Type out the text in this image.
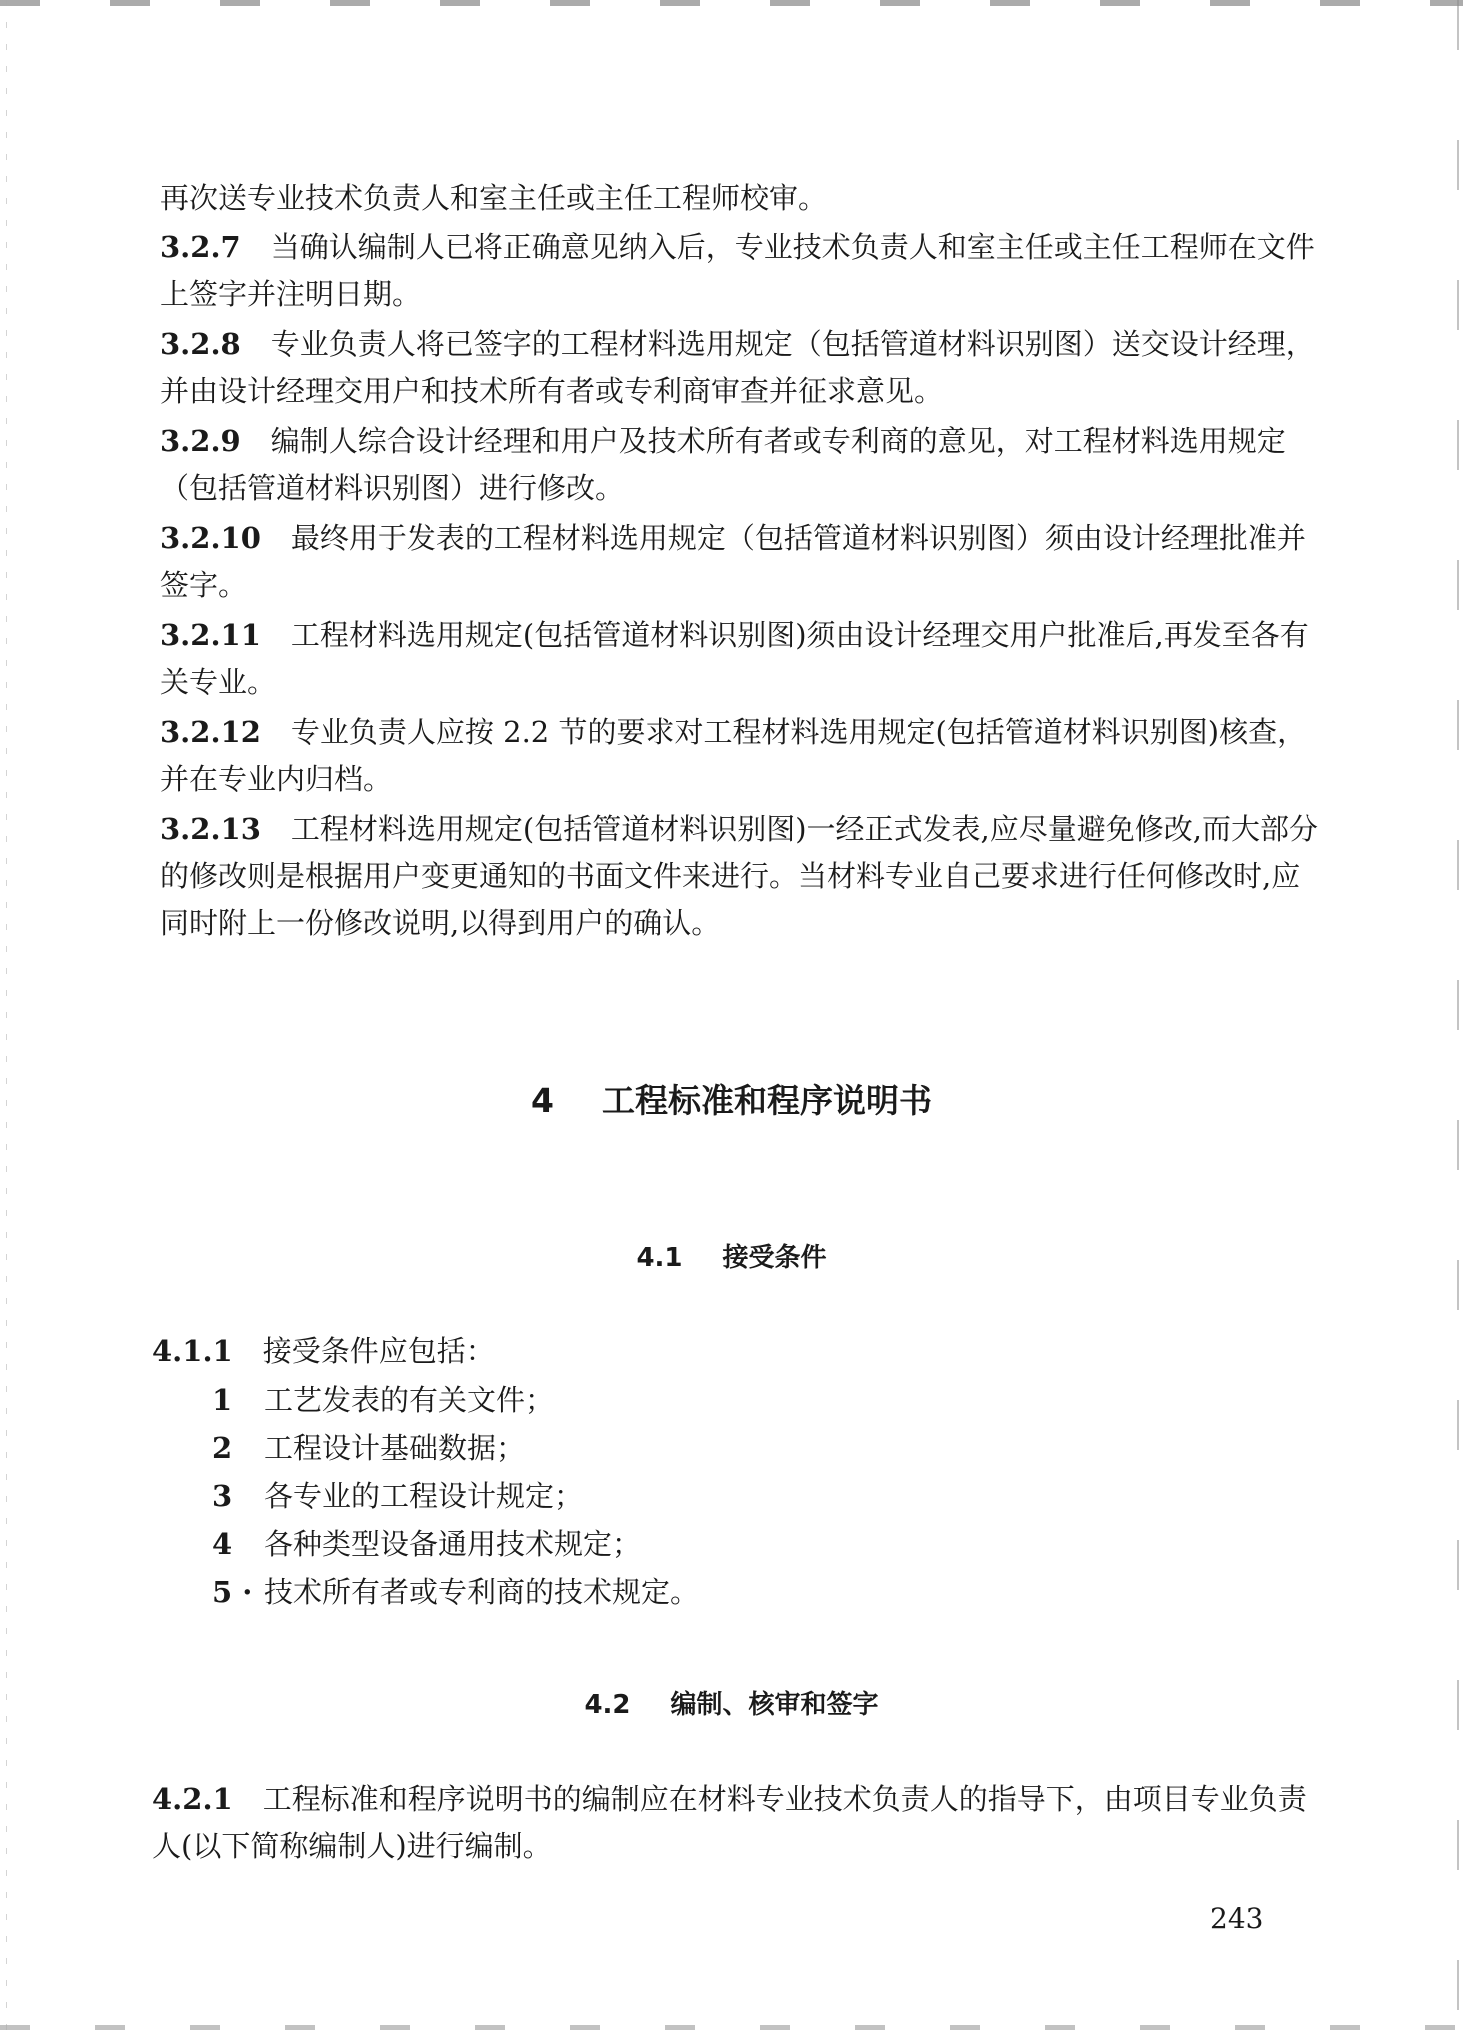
再次送专业技术负责人和室主任或主任工程师校审。

3.2.7 当确认编制人已将正确意见纳入后，专业技术负责人和室主任或主任工程师在文件上签字并注明日期。

3.2.8 专业负责人将已签字的工程材料选用规定（包括管道材料识别图）送交设计经理，并由设计经理交用户和技术所有者或专利商审查并征求意见。

3.2.9 编制人综合设计经理和用户及技术所有者或专利商的意见，对工程材料选用规定（包括管道材料识别图）进行修改。

3.2.10 最终用于发表的工程材料选用规定（包括管道材料识别图）须由设计经理批准并签字。

3.2.11 工程材料选用规定(包括管道材料识别图)须由设计经理交用户批准后,再发至各有关专业。

3.2.12 专业负责人应按 2.2 节的要求对工程材料选用规定(包括管道材料识别图)核查，并在专业内归档。

3.2.13 工程材料选用规定(包括管道材料识别图)一经正式发表,应尽量避免修改,而大部分的修改则是根据用户变更通知的书面文件来进行。当材料专业自己要求进行任何修改时,应同时附上一份修改说明,以得到用户的确认。

4 工程标准和程序说明书
4.1 接受条件

4.1.1 接受条件应包括：

1 工艺发表的有关文件；
2 工程设计基础数据；
3 各专业的工程设计规定；
4 各种类型设备通用技术规定；
5 · 技术所有者或专利商的技术规定。
4.2 编制、核审和签字

4.2.1 工程标准和程序说明书的编制应在材料专业技术负责人的指导下，由项目专业负责人(以下简称编制人)进行编制。

243
